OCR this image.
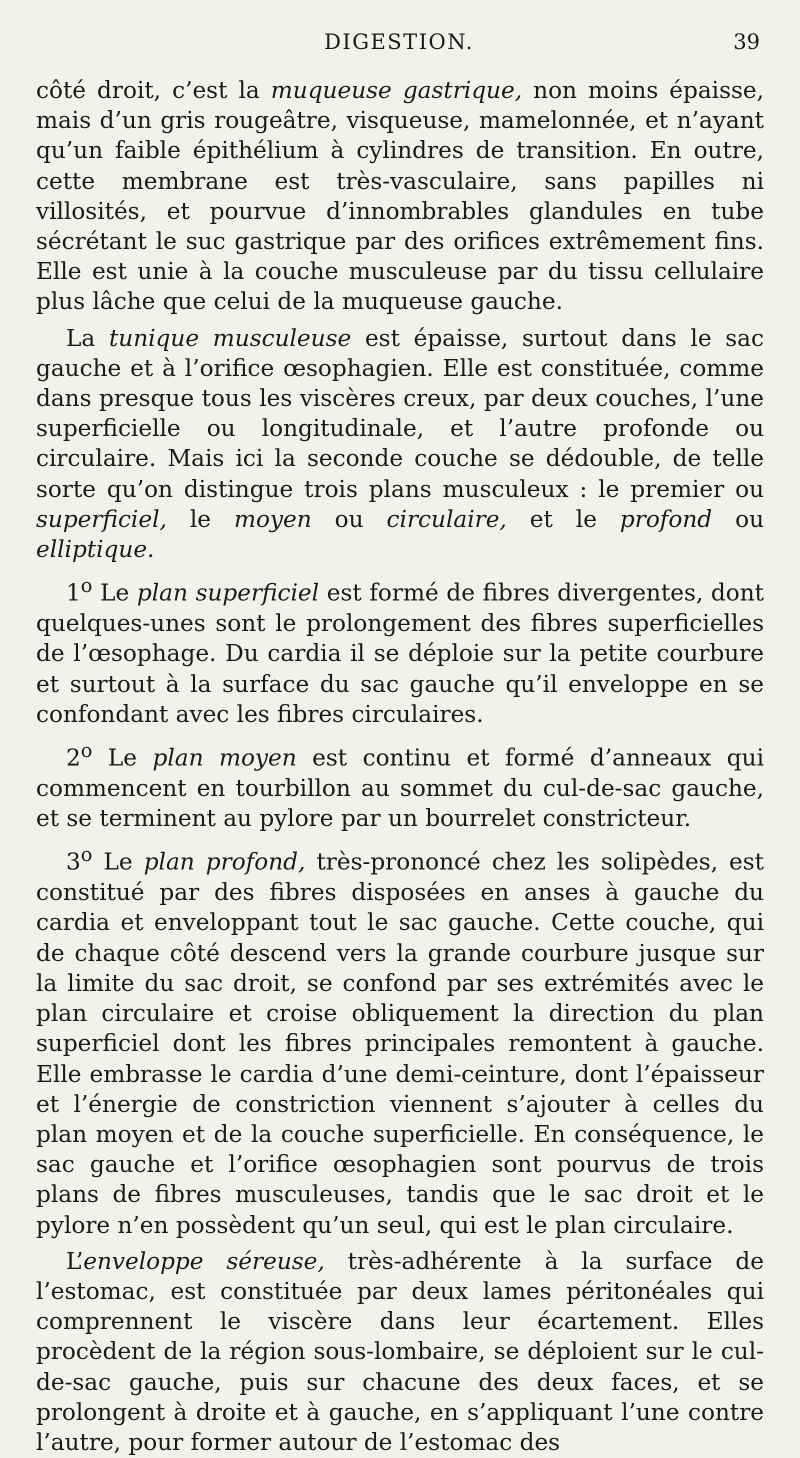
DIGESTION.	39

côté droit, c’est la muqueuse gastrique, non moins épaisse, mais d’un gris rougeâtre, visqueuse, mamelonnée, et n’ayant qu’un faible épithélium à cylindres de transition. En outre, cette membrane est très-vasculaire, sans papilles ni villosités, et pourvue d’innombrables glandules en tube sécrétant le suc gastrique par des orifices extrêmement fins. Elle est unie à la couche musculeuse par du tissu cellulaire plus lâche que celui de la muqueuse gauche.

La tunique musculeuse est épaisse, surtout dans le sac gauche et à l’orifice œsophagien. Elle est constituée, comme dans presque tous les viscères creux, par deux couches, l’une superficielle ou longitudinale, et l’autre profonde ou circulaire. Mais ici la seconde couche se dédouble, de telle sorte qu’on distingue trois plans musculeux : le premier ou superficiel, le moyen ou circulaire, et le profond ou elliptique.

1$^o$ Le plan superficiel est formé de fibres divergentes, dont quelques-unes sont le prolongement des fibres superficielles de l’œsophage. Du cardia il se déploie sur la petite courbure et surtout à la surface du sac gauche qu’il enveloppe en se confondant avec les fibres circulaires.

2$^o$ Le plan moyen est continu et formé d’anneaux qui commencent en tourbillon au sommet du cul-de-sac gauche, et se terminent au pylore par un bourrelet constricteur.

3$^o$ Le plan profond, très-prononcé chez les solipèdes, est constitué par des fibres disposées en anses à gauche du cardia et enveloppant tout le sac gauche. Cette couche, qui de chaque côté descend vers la grande courbure jusque sur la limite du sac droit, se confond par ses extrémités avec le plan circulaire et croise obliquement la direction du plan superficiel dont les fibres principales remontent à gauche. Elle embrasse le cardia d’une demi-ceinture, dont l’épaisseur et l’énergie de constriction viennent s’ajouter à celles du plan moyen et de la couche superficielle. En conséquence, le sac gauche et l’orifice œsophagien sont pourvus de trois plans de fibres musculeuses, tandis que le sac droit et le pylore n’en possèdent qu’un seul, qui est le plan circulaire.

L’enveloppe séreuse, très-adhérente à la surface de l’estomac, est constituée par deux lames péritonéales qui comprennent le viscère dans leur écartement. Elles procèdent de la région sous-lombaire, se déploient sur le cul-de-sac gauche, puis sur chacune des deux faces, et se prolongent à droite et à gauche, en s’appliquant l’une contre l’autre, pour former autour de l’estomac des
